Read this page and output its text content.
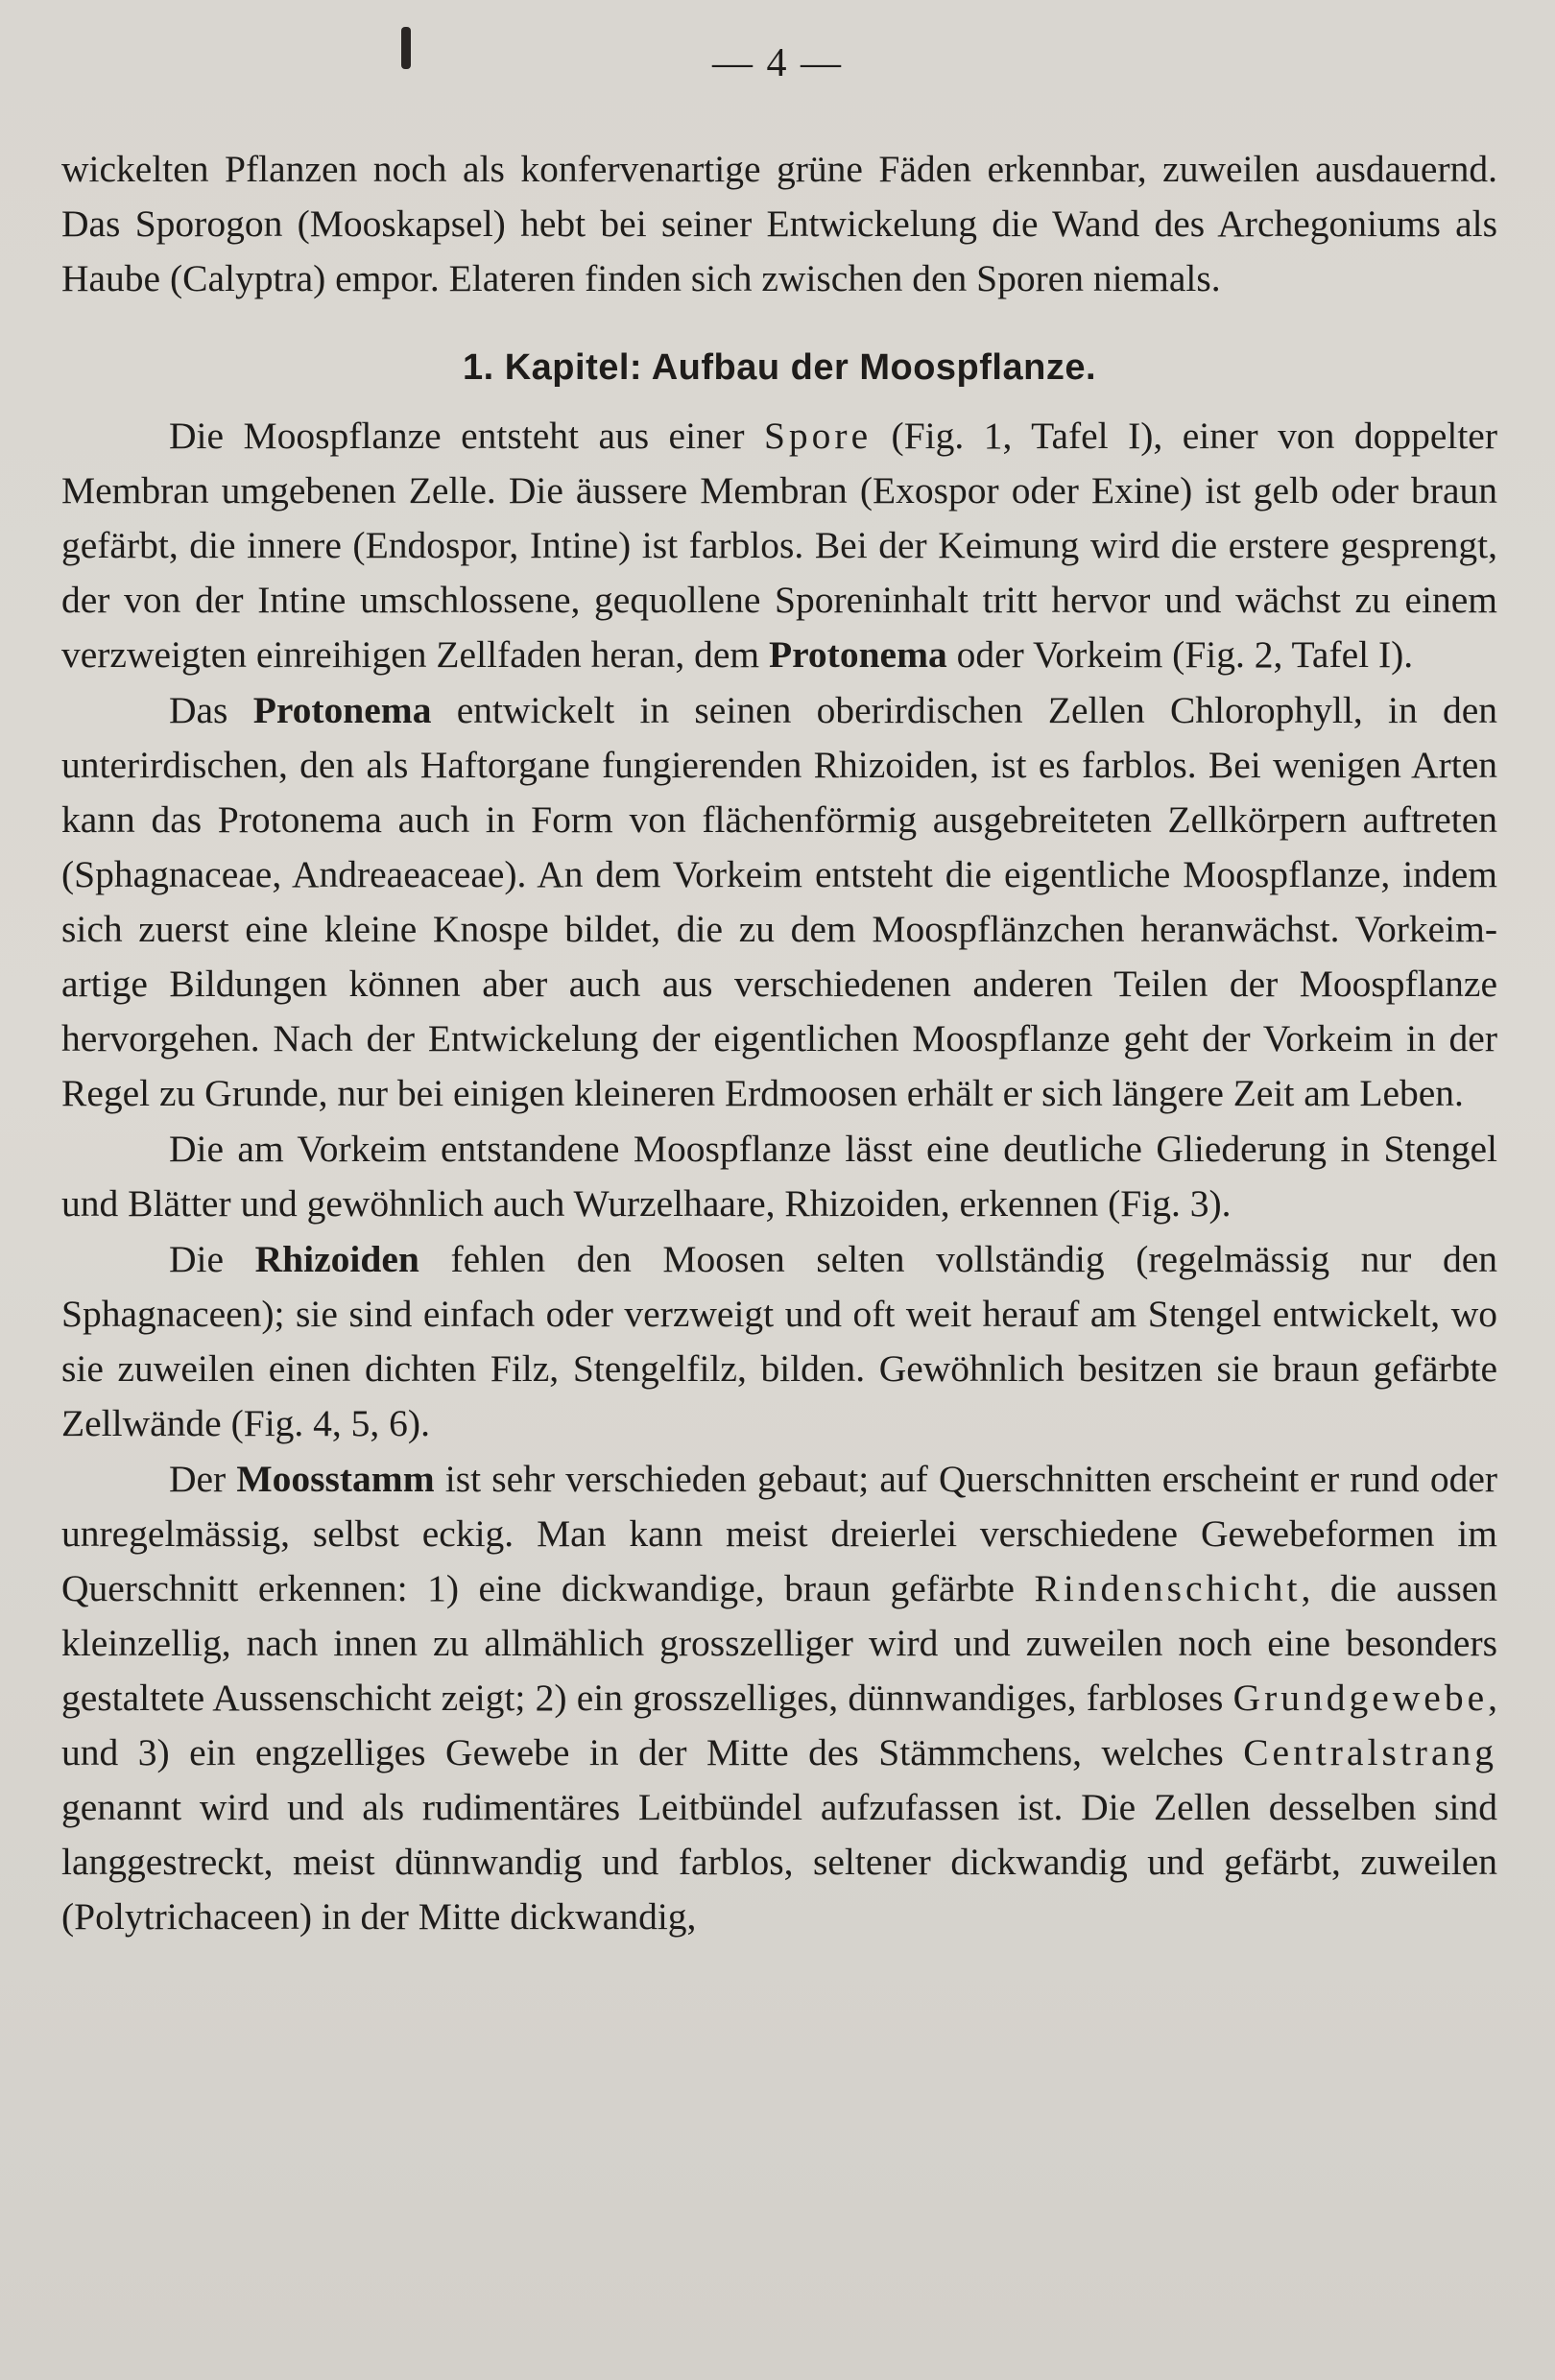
— 4 —

wickelten Pflanzen noch als konfervenartige grüne Fäden erkennbar, zuweilen ausdauernd. Das Sporogon (Mooskapsel) hebt bei seiner Entwickelung die Wand des Archegoniums als Haube (Calyptra) empor. Elateren finden sich zwischen den Sporen niemals.

1. Kapitel: Aufbau der Moospflanze.

Die Moospflanze entsteht aus einer Spore (Fig. 1, Tafel I), einer von doppelter Membran umgebenen Zelle. Die äussere Membran (Exospor oder Exine) ist gelb oder braun gefärbt, die innere (Endospor, Intine) ist farblos. Bei der Keimung wird die erstere gesprengt, der von der Intine umschlossene, gequollene Sporeninhalt tritt hervor und wächst zu einem verzweigten einreihigen Zellfaden heran, dem Protonema oder Vorkeim (Fig. 2, Tafel I).

Das Protonema entwickelt in seinen oberirdischen Zellen Chlorophyll, in den unterirdischen, den als Haftorgane fungierenden Rhizoiden, ist es farblos. Bei wenigen Arten kann das Protonema auch in Form von flächenförmig ausgebreiteten Zellkörpern auftreten (Sphagnaceae, Andreaeaceae). An dem Vorkeim entsteht die eigentliche Moospflanze, indem sich zuerst eine kleine Knospe bildet, die zu dem Moospflänzchen heranwächst. Vorkeimartige Bildungen können aber auch aus verschiedenen anderen Teilen der Moospflanze hervorgehen. Nach der Entwickelung der eigentlichen Moospflanze geht der Vorkeim in der Regel zu Grunde, nur bei einigen kleineren Erdmoosen erhält er sich längere Zeit am Leben.

Die am Vorkeim entstandene Moospflanze lässt eine deutliche Gliederung in Stengel und Blätter und gewöhnlich auch Wurzelhaare, Rhizoiden, erkennen (Fig. 3).

Die Rhizoiden fehlen den Moosen selten vollständig (regelmässig nur den Sphagnaceen); sie sind einfach oder verzweigt und oft weit herauf am Stengel entwickelt, wo sie zuweilen einen dichten Filz, Stengelfilz, bilden. Gewöhnlich besitzen sie braun gefärbte Zellwände (Fig. 4, 5, 6).

Der Moosstamm ist sehr verschieden gebaut; auf Querschnitten erscheint er rund oder unregelmässig, selbst eckig. Man kann meist dreierlei verschiedene Gewebeformen im Querschnitt erkennen: 1) eine dickwandige, braun gefärbte Rindenschicht, die aussen kleinzellig, nach innen zu allmählich grosszelliger wird und zuweilen noch eine besonders gestaltete Aussenschicht zeigt; 2) ein grosszelliges, dünnwandiges, farbloses Grundgewebe, und 3) ein engzelliges Gewebe in der Mitte des Stämmchens, welches Centralstrang genannt wird und als rudimentäres Leitbündel aufzufassen ist. Die Zellen desselben sind langgestreckt, meist dünnwandig und farblos, seltener dickwandig und gefärbt, zuweilen (Polytrichaceen) in der Mitte dickwandig,
